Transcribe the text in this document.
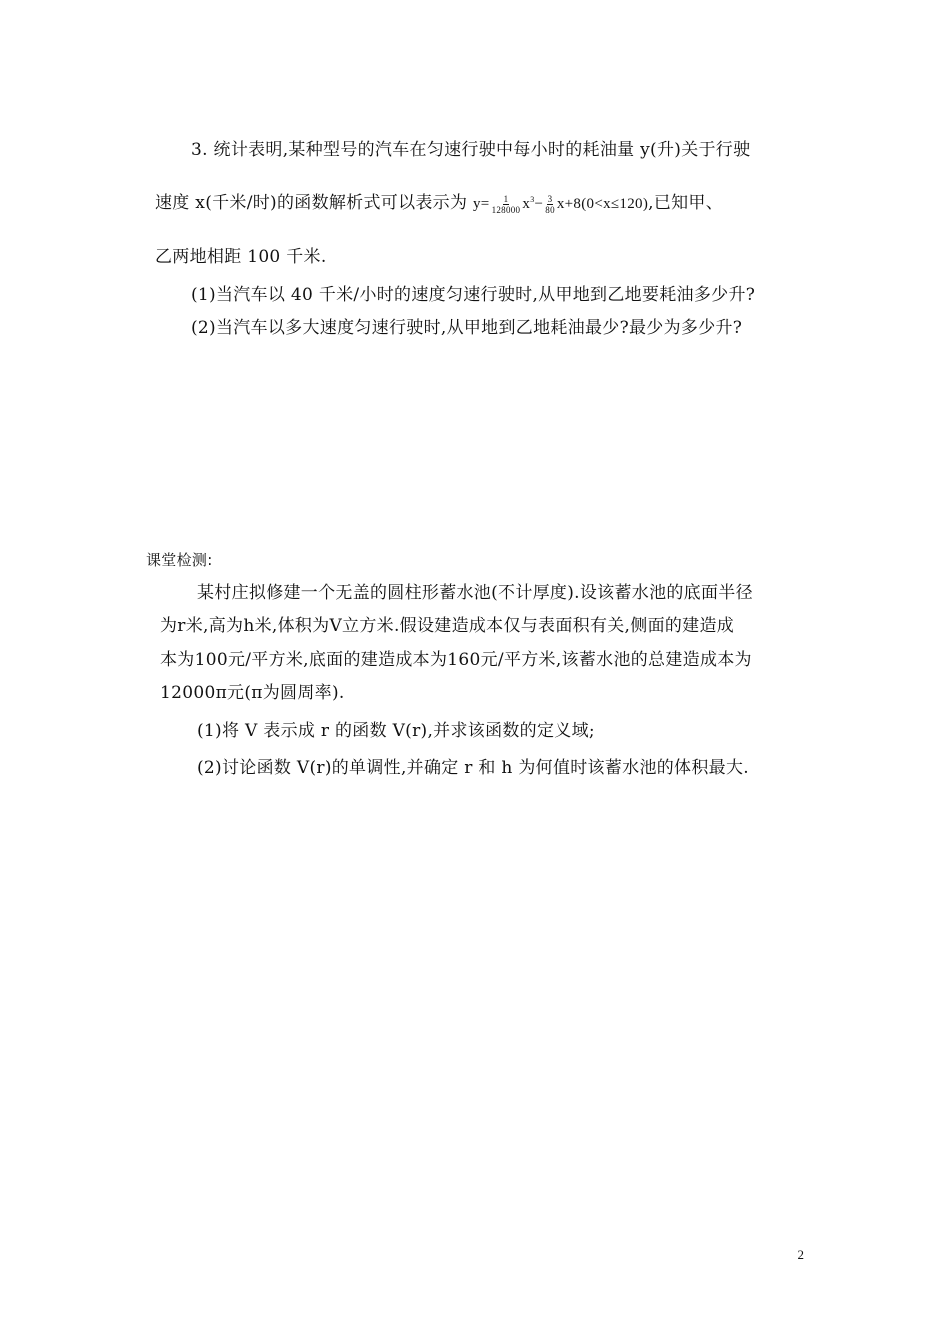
3. 统计表明,某种型号的汽车在匀速行驶中每小时的耗油量 y(升)关于行驶
速度 x(千米/时)的函数解析式可以表示为 $y= \frac{1}{128000} x^3- \frac{3}{80} x+8(0<x\le 120)$,已知甲、
乙两地相距 100 千米.
(1)当汽车以 40 千米/小时的速度匀速行驶时,从甲地到乙地要耗油多少升?
(2)当汽车以多大速度匀速行驶时,从甲地到乙地耗油最少?最少为多少升?
课堂检测:
某村庄拟修建一个无盖的圆柱形蓄水池(不计厚度).设该蓄水池的底面半径
为r米,高为h米,体积为V立方米.假设建造成本仅与表面积有关,侧面的建造成
本为100元/平方米,底面的建造成本为160元/平方米,该蓄水池的总建造成本为
12000π元(π为圆周率).
(1)将 V 表示成 r 的函数 V(r),并求该函数的定义域;
(2)讨论函数 V(r)的单调性,并确定 r 和 h 为何值时该蓄水池的体积最大.
2
